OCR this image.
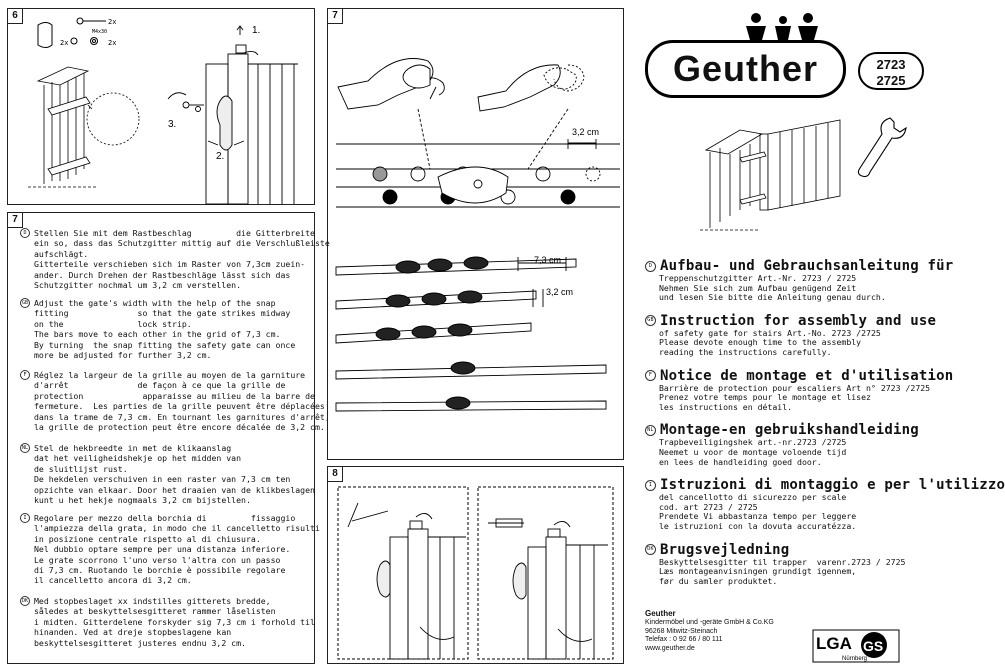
6
2x
M4x30
2x	2x
1.
2.
3.
7
D Stellen Sie mit dem Rastbeschlag         die Gitterbreite
ein so, dass das Schutzgitter mittig auf die Verschlußleiste
aufschlägt.
Gitterteile verschieben sich im Raster von 7,3cm zuein-
ander. Durch Drehen der Rastbeschläge lässt sich das
Schutzgitter nochmal um 3,2 cm verstellen.
GB Adjust the gate's width with the help of the snap
fitting              so that the gate strikes midway
on the               lock strip.
The bars move to each other in the grid of 7,3 cm.
By turning  the snap fitting the safety gate can once
more be adjusted for further 3,2 cm.
F Réglez la largeur de la grille au moyen de la garniture
d'arrêt              de façon à ce que la grille de
protection            apparaisse au milieu de la barre de
fermeture.  Les parties de la grille peuvent être déplacées
dans la trame de 7,3 cm. En tournant les garnitures d'arrêt,
la grille de protection peut être encore décalée de 3,2 cm.
NL Stel de hekbreedte in met de klikaanslag
dat het veiligheidshekje op het midden van
de sluitlijst rust.
De hekdelen verschuiven in een raster van 7,3 cm ten
opzichte van elkaar. Door het draaien van de klikbeslagen
kunt u het hekje nogmaals 3,2 cm bijstellen.
I Regolare per mezzo della borchia di         fissaggio
l'ampiezza della grata, in modo che il cancelletto risulti
in posizione centrale rispetto al di chiusura.
Nel dubbio optare sempre per una distanza inferiore.
Le grate scorrono l'uno verso l'altra con un passo
di 7,3 cm. Ruotando le borchie è possibile regolare
il cancelletto ancora di 3,2 cm.
DK Med stopbeslaget xx indstilles gitterets bredde,
således at beskyttelsesgitteret rammer låselisten
i midten. Gitterdelene forskyder sig 7,3 cm i forhold til
hinanden. Ved at dreje stopbeslagene kan
beskyttelsesgitteret justeres endnu 3,2 cm.
7
3,2 cm
7,3 cm
3,2 cm
8
Geuther	2723
2725
D Aufbau- und Gebrauchsanleitung für
Treppenschutzgitter Art.-Nr. 2723 / 2725
Nehmen Sie sich zum Aufbau genügend Zeit
und lesen Sie bitte die Anleitung genau durch.
GB Instruction for assembly and use
of safety gate for stairs Art.-No. 2723 /2725
Please devote enough time to the assembly
reading the instructions carefully.
F Notice de montage et d'utilisation
Barrière de protection pour escaliers Art n° 2723 /2725
Prenez votre temps pour le montage et lisez
les instructions en détail.
NL Montage-en gebruikshandleiding
Trapbeveiligingshek art.-nr.2723 /2725
Neemet u voor de montage voloende tijd
en lees de handleiding goed door.
I Istruzioni di montaggio e per l'utilizzo
del cancellotto di sicurezzo per scale
cod. art 2723 / 2725
Prendete Vi abbastanza tempo per leggere
le istruzioni con la dovuta accuratézza.
DK Brugsvejledning
Beskyttelsesgitter til trapper  varenr.2723 / 2725
Læs montageanvisningen grundigt igennem,
før du samler produktet.
Geuther
Kindermöbel und -geräte GmbH & Co.KG
96268 Mitwitz-Steinach
Telefax : 0 92 66 / 80 111
www.geuther.de	LGA GS
Nürnberg
